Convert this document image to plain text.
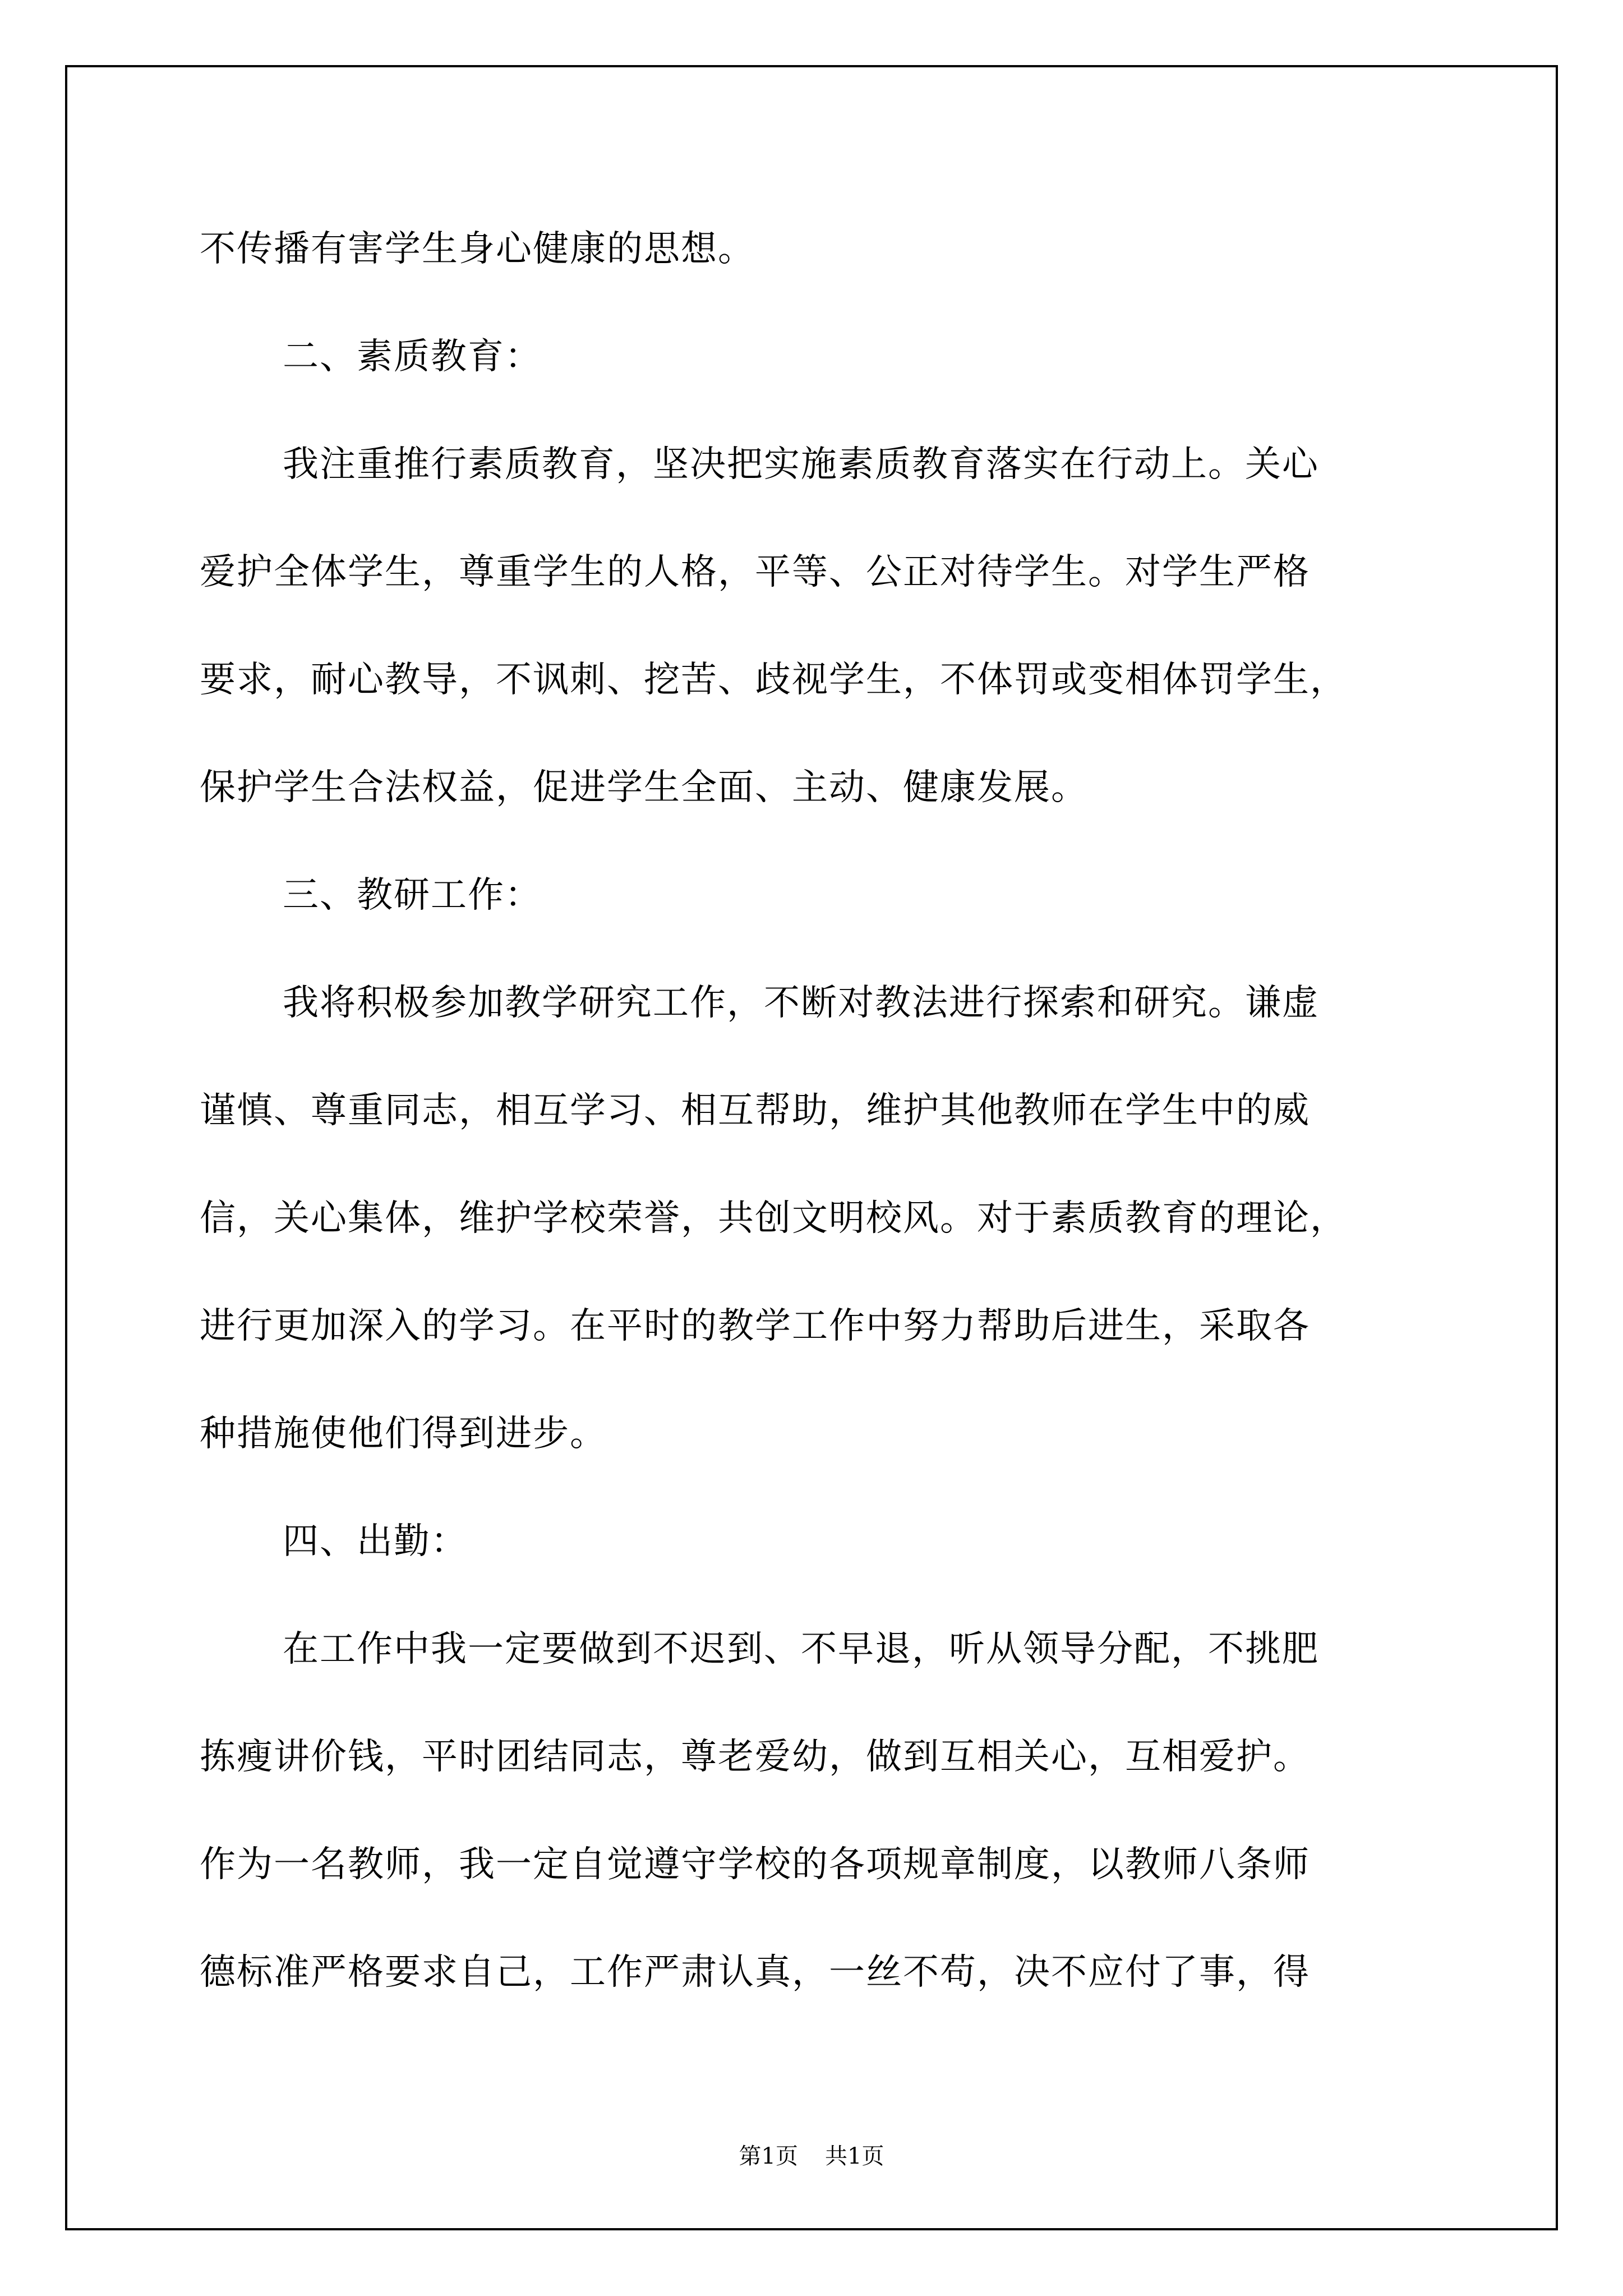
不传播有害学生身心健康的思想。
二、素质教育：
我注重推行素质教育，坚决把实施素质教育落实在行动上。关心
爱护全体学生，尊重学生的人格，平等、公正对待学生。对学生严格
要求，耐心教导，不讽刺、挖苦、歧视学生，不体罚或变相体罚学生，
保护学生合法权益，促进学生全面、主动、健康发展。
三、教研工作：
我将积极参加教学研究工作，不断对教法进行探索和研究。谦虚
谨慎、尊重同志，相互学习、相互帮助，维护其他教师在学生中的威
信，关心集体，维护学校荣誉，共创文明校风。对于素质教育的理论，
进行更加深入的学习。在平时的教学工作中努力帮助后进生，采取各
种措施使他们得到进步。
四、出勤：
在工作中我一定要做到不迟到、不早退，听从领导分配，不挑肥
拣瘦讲价钱，平时团结同志，尊老爱幼，做到互相关心，互相爱护。
作为一名教师，我一定自觉遵守学校的各项规章制度，以教师八条师
德标准严格要求自己，工作严肃认真，一丝不苟，决不应付了事，得
第1页 共1页
